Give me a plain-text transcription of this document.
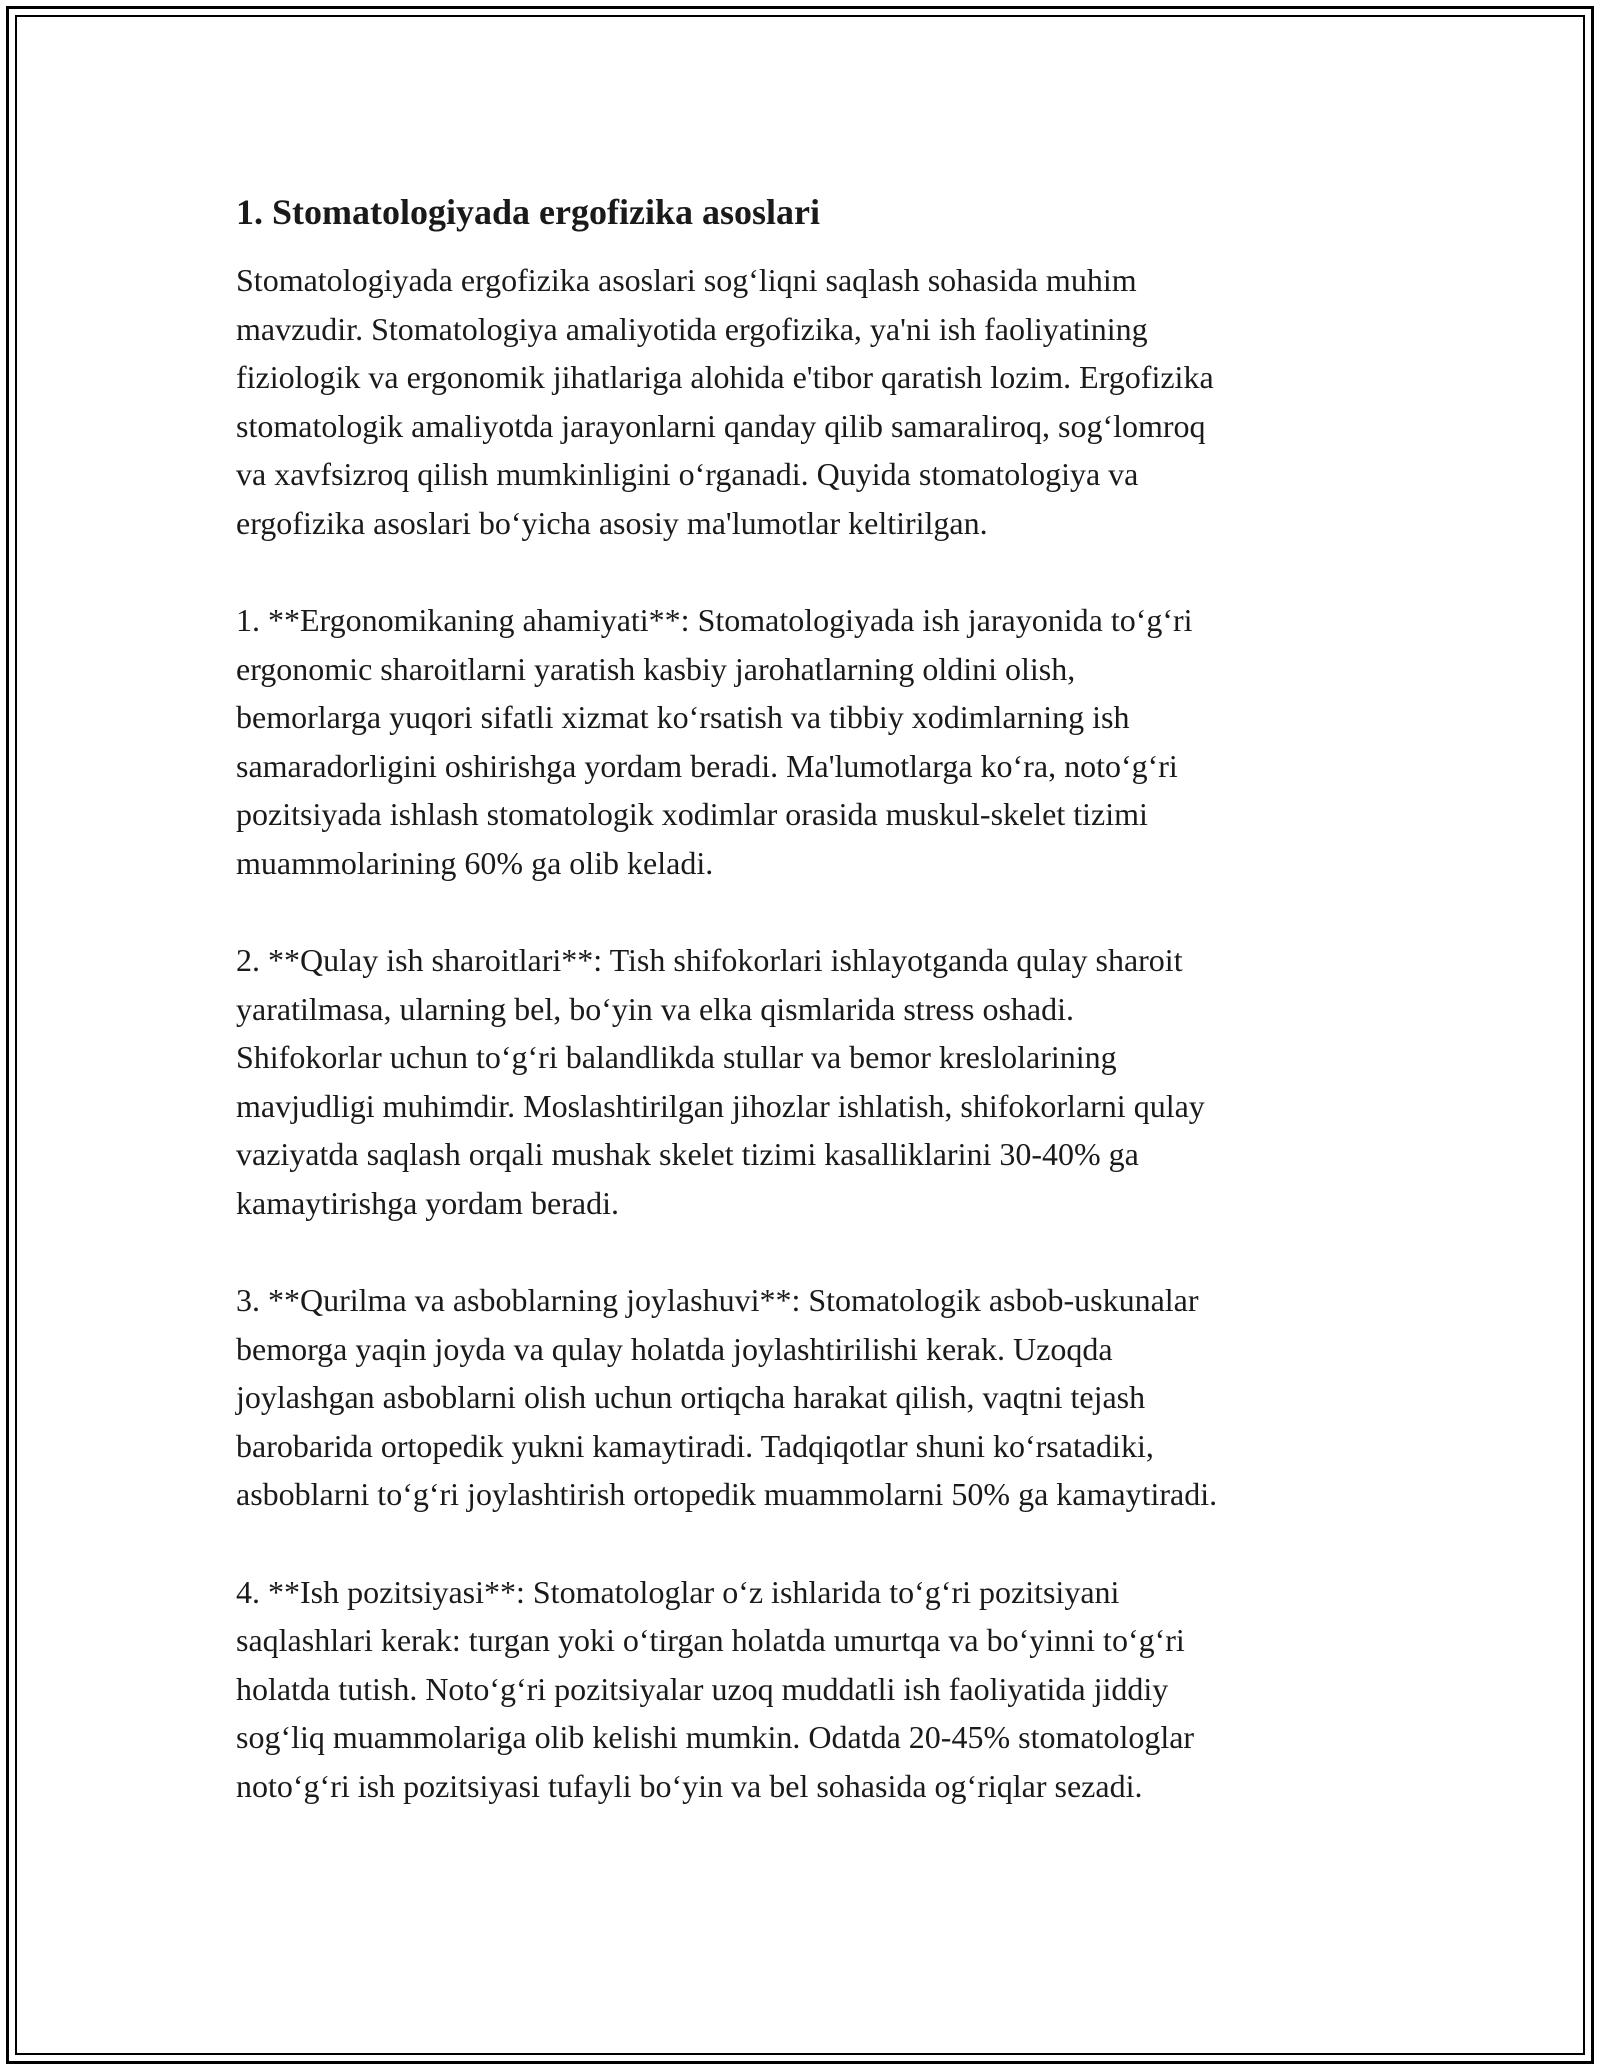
1. Stomatologiyada ergofizika asoslari

Stomatologiyada ergofizika asoslari sog‘liqni saqlash sohasida muhim
mavzudir. Stomatologiya amaliyotida ergofizika, ya'ni ish faoliyatining
fiziologik va ergonomik jihatlariga alohida e'tibor qaratish lozim. Ergofizika
stomatologik amaliyotda jarayonlarni qanday qilib samaraliroq, sog‘lomroq
va xavfsizroq qilish mumkinligini o‘rganadi. Quyida stomatologiya va
ergofizika asoslari bo‘yicha asosiy ma'lumotlar keltirilgan.

1. **Ergonomikaning ahamiyati**: Stomatologiyada ish jarayonida to‘g‘ri
ergonomic sharoitlarni yaratish kasbiy jarohatlarning oldini olish,
bemorlarga yuqori sifatli xizmat ko‘rsatish va tibbiy xodimlarning ish
samaradorligini oshirishga yordam beradi. Ma'lumotlarga ko‘ra, noto‘g‘ri
pozitsiyada ishlash stomatologik xodimlar orasida muskul-skelet tizimi
muammolarining 60% ga olib keladi.

2. **Qulay ish sharoitlari**: Tish shifokorlari ishlayotganda qulay sharoit
yaratilmasa, ularning bel, bo‘yin va elka qismlarida stress oshadi.
Shifokorlar uchun to‘g‘ri balandlikda stullar va bemor kreslolarining
mavjudligi muhimdir. Moslashtirilgan jihozlar ishlatish, shifokorlarni qulay
vaziyatda saqlash orqali mushak skelet tizimi kasalliklarini 30-40% ga
kamaytirishga yordam beradi.

3. **Qurilma va asboblarning joylashuvi**: Stomatologik asbob-uskunalar
bemorga yaqin joyda va qulay holatda joylashtirilishi kerak. Uzoqda
joylashgan asboblarni olish uchun ortiqcha harakat qilish, vaqtni tejash
barobarida ortopedik yukni kamaytiradi. Tadqiqotlar shuni ko‘rsatadiki,
asboblarni to‘g‘ri joylashtirish ortopedik muammolarni 50% ga kamaytiradi.

4. **Ish pozitsiyasi**: Stomatologlar o‘z ishlarida to‘g‘ri pozitsiyani
saqlashlari kerak: turgan yoki o‘tirgan holatda umurtqa va bo‘yinni to‘g‘ri
holatda tutish. Noto‘g‘ri pozitsiyalar uzoq muddatli ish faoliyatida jiddiy
sog‘liq muammolariga olib kelishi mumkin. Odatda 20-45% stomatologlar
noto‘g‘ri ish pozitsiyasi tufayli bo‘yin va bel sohasida og‘riqlar sezadi.
